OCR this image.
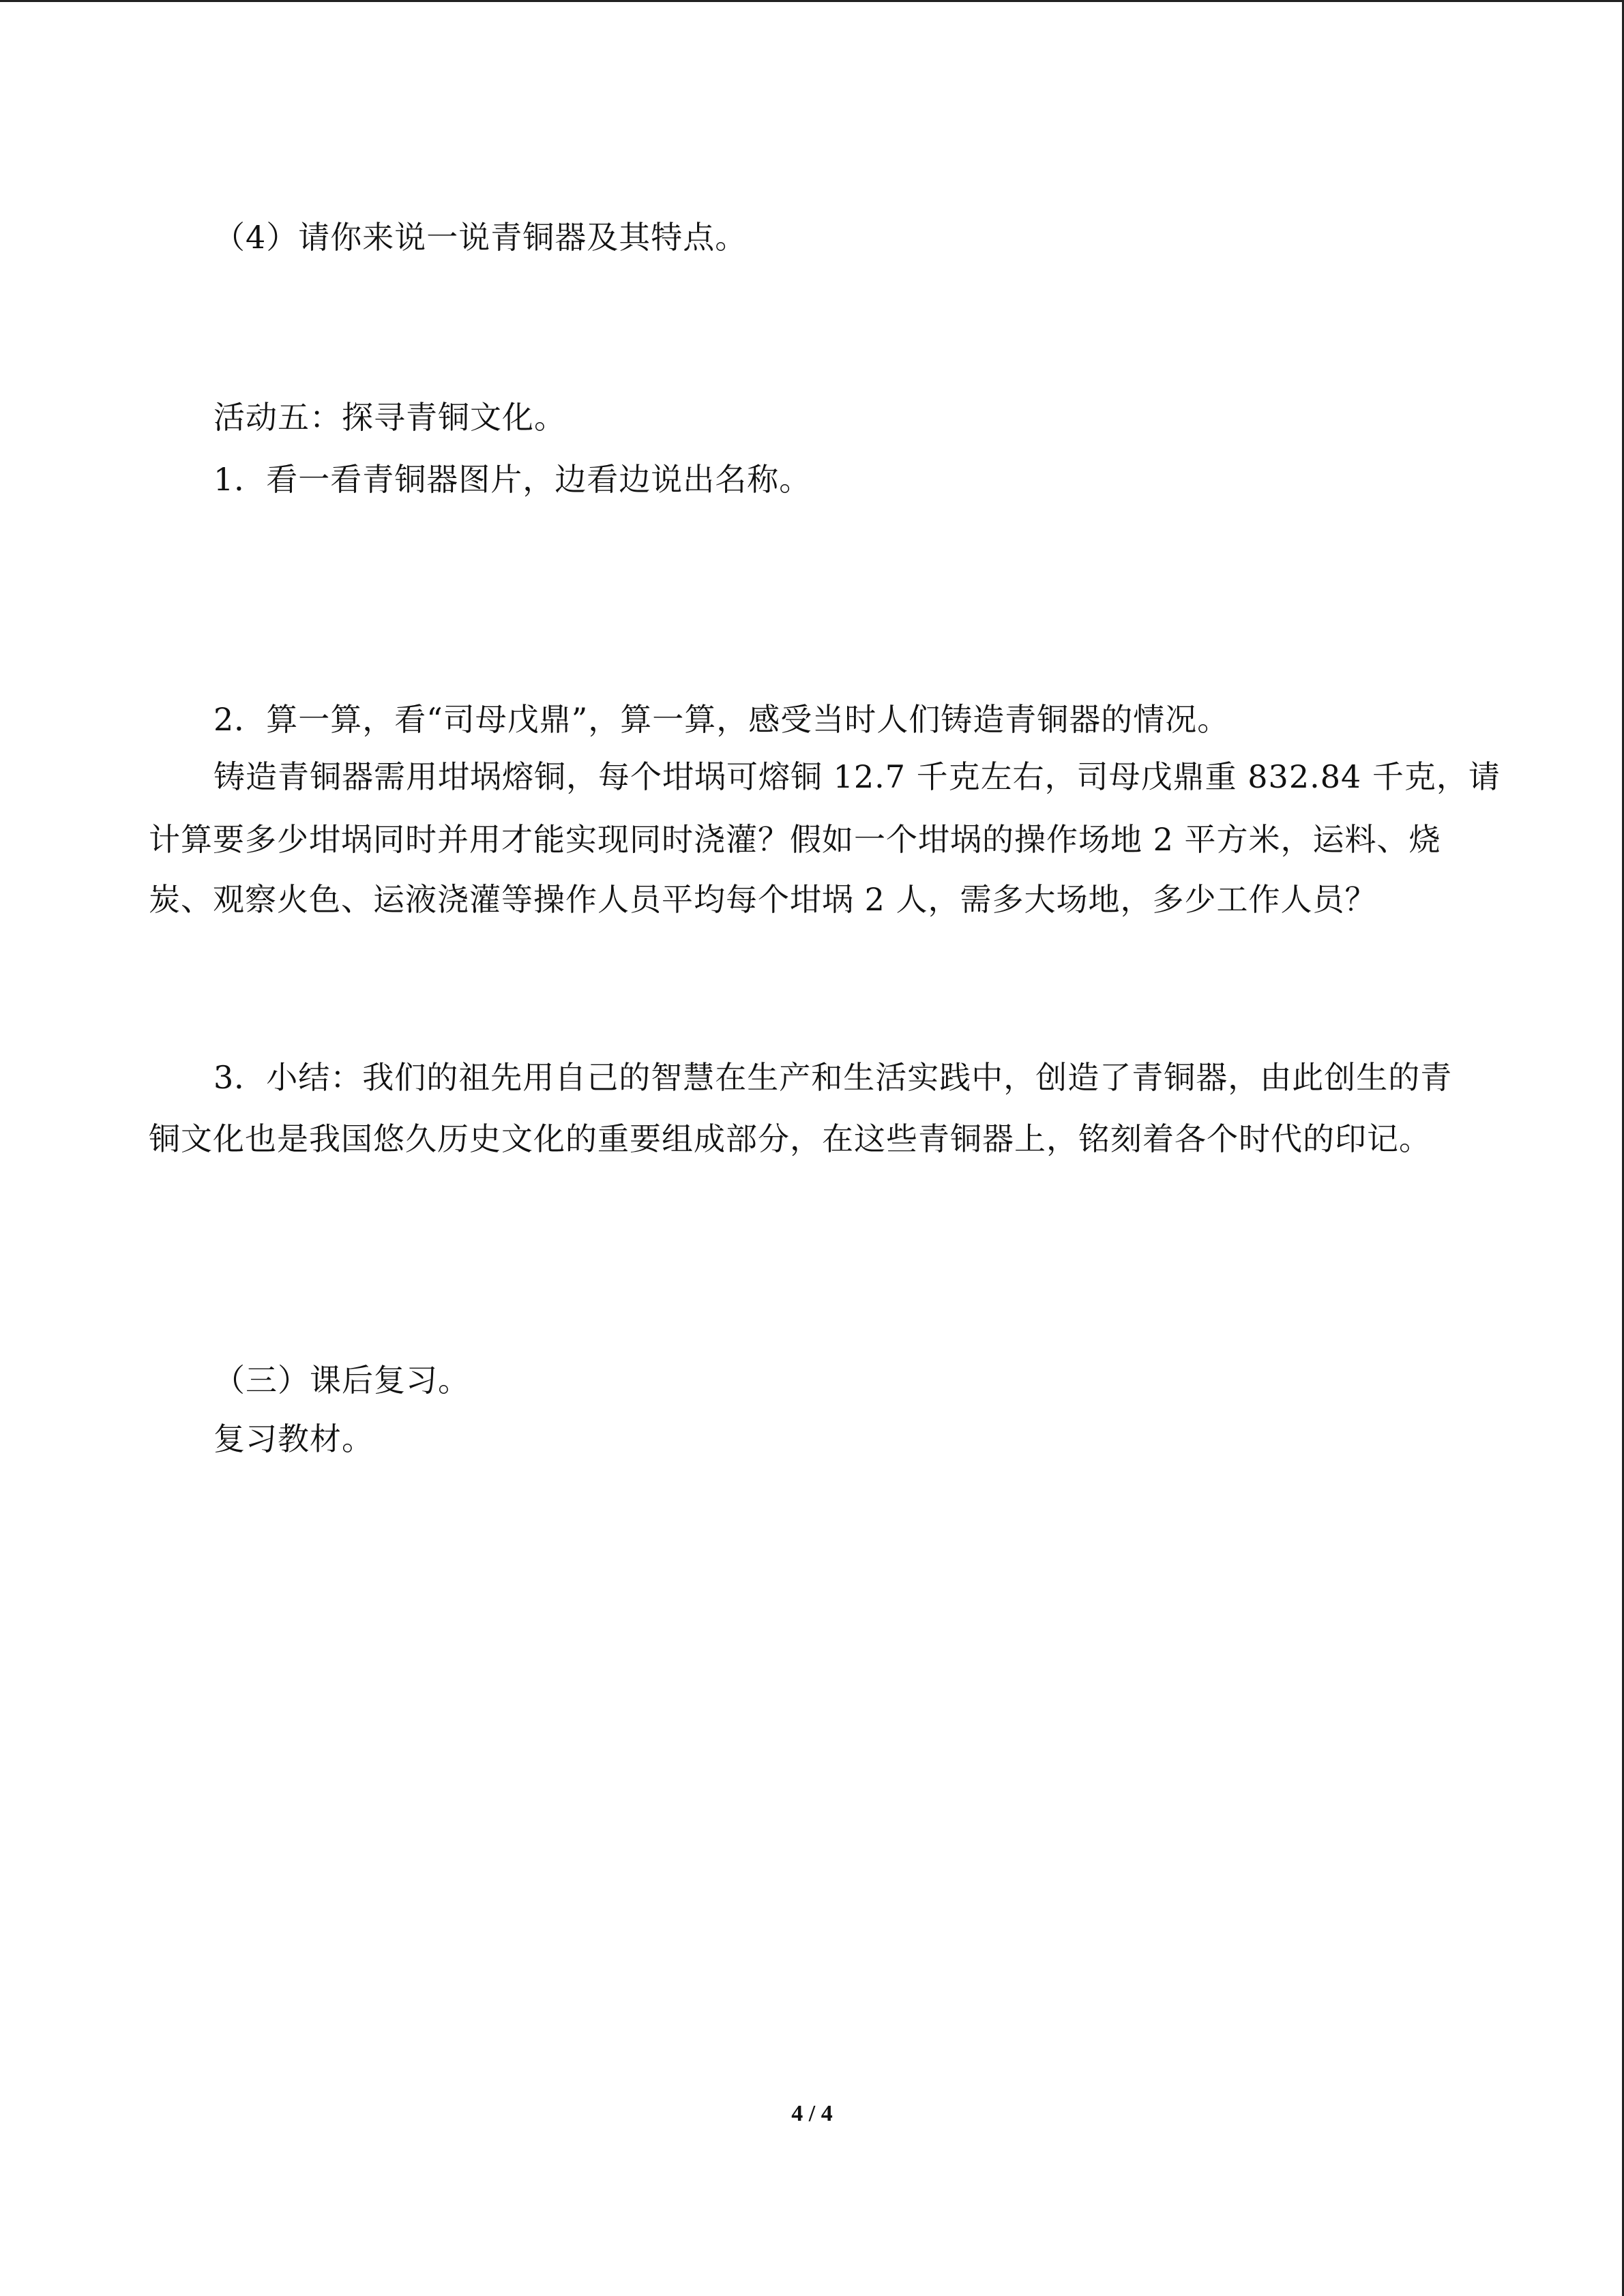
（4）请你来说一说青铜器及其特点。
活动五：探寻青铜文化。
1．看一看青铜器图片，边看边说出名称。
2．算一算，看“司母戊鼎”，算一算，感受当时人们铸造青铜器的情况。
铸造青铜器需用坩埚熔铜，每个坩埚可熔铜 12.7 千克左右，司母戊鼎重 832.84 千克，请
计算要多少坩埚同时并用才能实现同时浇灌？假如一个坩埚的操作场地 2 平方米，运料、烧
炭、观察火色、运液浇灌等操作人员平均每个坩埚 2 人，需多大场地，多少工作人员？
3．小结：我们的祖先用自己的智慧在生产和生活实践中，创造了青铜器，由此创生的青
铜文化也是我国悠久历史文化的重要组成部分，在这些青铜器上，铭刻着各个时代的印记。
（三）课后复习。
复习教材。
4 / 4
